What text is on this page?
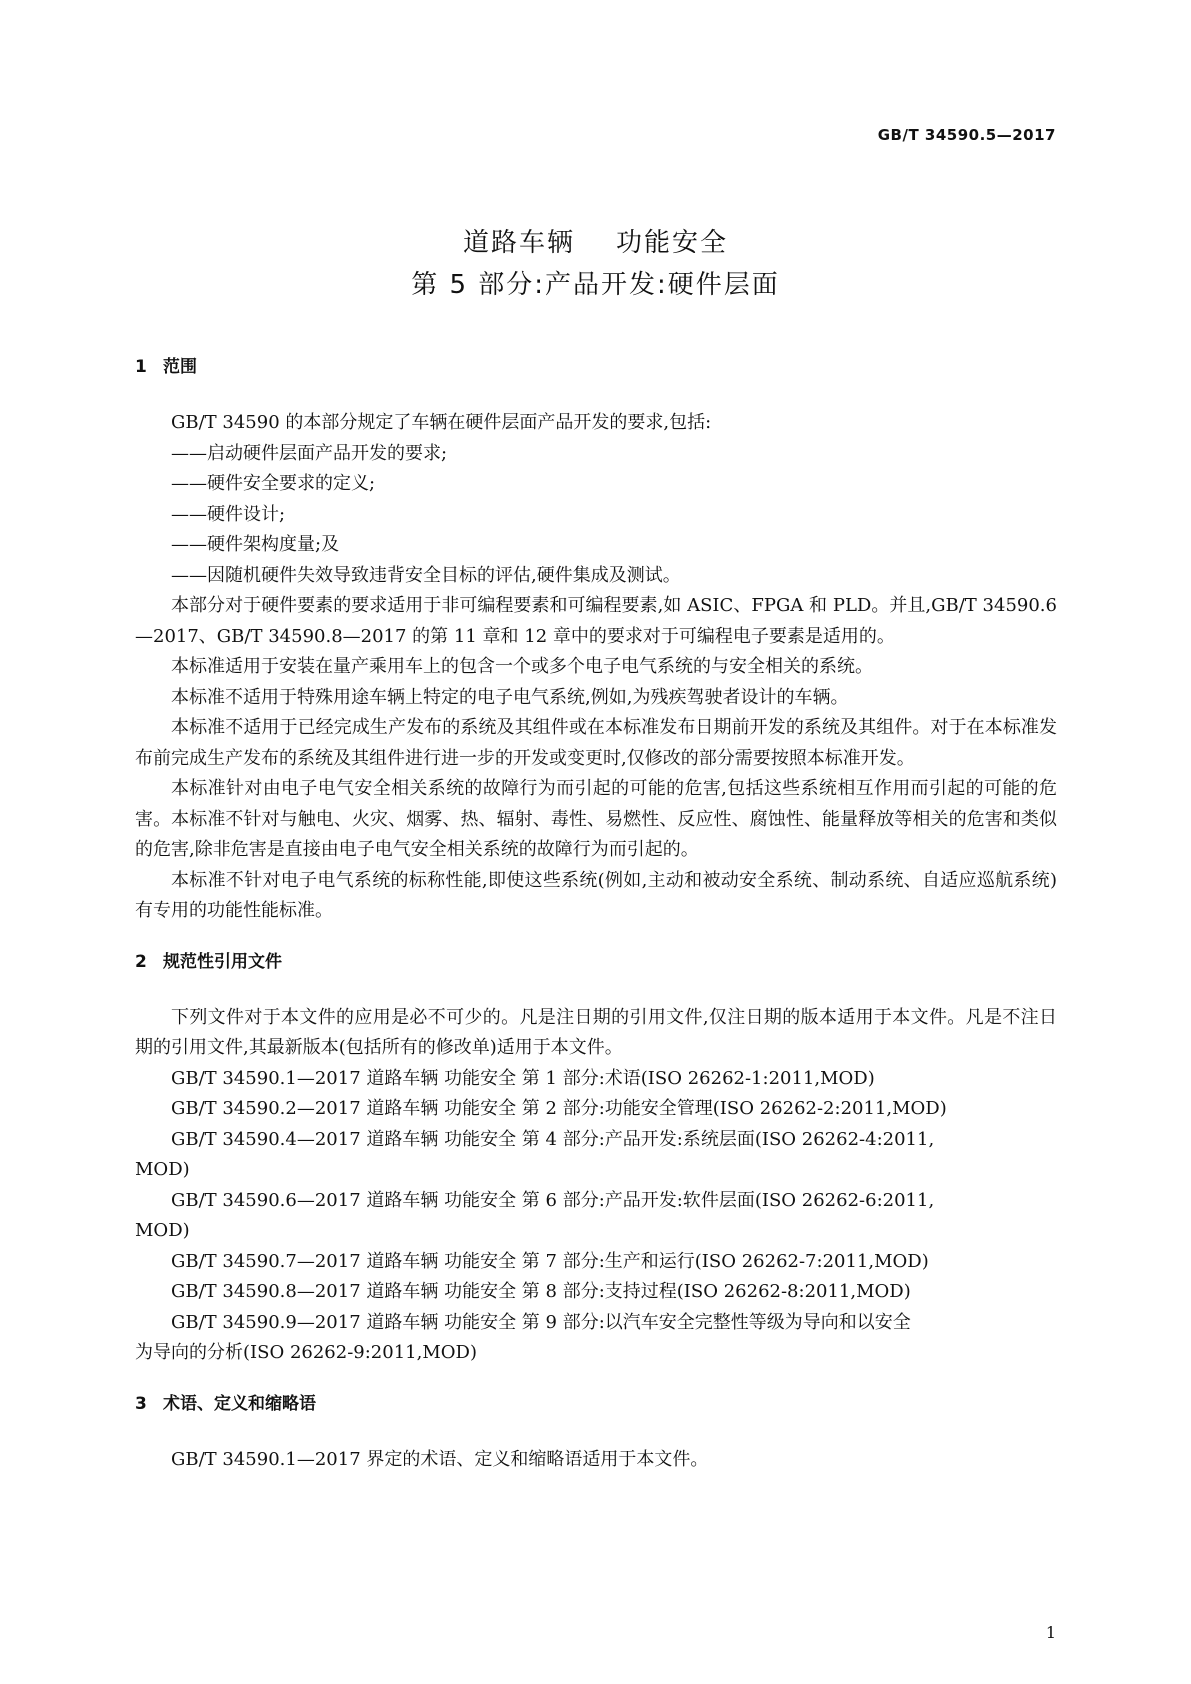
GB/T 34590.5—2017
道路车辆    功能安全
第 5 部分:产品开发:硬件层面
1 范围

GB/T 34590 的本部分规定了车辆在硬件层面产品开发的要求,包括:

——启动硬件层面产品开发的要求;

——硬件安全要求的定义;

——硬件设计;

——硬件架构度量;及

——因随机硬件失效导致违背安全目标的评估,硬件集成及测试。

本部分对于硬件要素的要求适用于非可编程要素和可编程要素,如 ASIC、FPGA 和 PLD。并且,GB/T 34590.6—2017、GB/T 34590.8—2017 的第 11 章和 12 章中的要求对于可编程电子要素是适用的。

本标准适用于安装在量产乘用车上的包含一个或多个电子电气系统的与安全相关的系统。

本标准不适用于特殊用途车辆上特定的电子电气系统,例如,为残疾驾驶者设计的车辆。

本标准不适用于已经完成生产发布的系统及其组件或在本标准发布日期前开发的系统及其组件。对于在本标准发布前完成生产发布的系统及其组件进行进一步的开发或变更时,仅修改的部分需要按照本标准开发。

本标准针对由电子电气安全相关系统的故障行为而引起的可能的危害,包括这些系统相互作用而引起的可能的危害。本标准不针对与触电、火灾、烟雾、热、辐射、毒性、易燃性、反应性、腐蚀性、能量释放等相关的危害和类似的危害,除非危害是直接由电子电气安全相关系统的故障行为而引起的。

本标准不针对电子电气系统的标称性能,即使这些系统(例如,主动和被动安全系统、制动系统、自适应巡航系统)有专用的功能性能标准。

2 规范性引用文件

下列文件对于本文件的应用是必不可少的。凡是注日期的引用文件,仅注日期的版本适用于本文件。凡是不注日期的引用文件,其最新版本(包括所有的修改单)适用于本文件。

GB/T 34590.1—2017 道路车辆 功能安全 第 1 部分:术语(ISO 26262-1:2011,MOD)

GB/T 34590.2—2017 道路车辆 功能安全 第 2 部分:功能安全管理(ISO 26262-2:2011,MOD)

GB/T 34590.4—2017 道路车辆 功能安全 第 4 部分:产品开发:系统层面(ISO 26262-4:2011,

MOD)

GB/T 34590.6—2017 道路车辆 功能安全 第 6 部分:产品开发:软件层面(ISO 26262-6:2011,

MOD)

GB/T 34590.7—2017 道路车辆 功能安全 第 7 部分:生产和运行(ISO 26262-7:2011,MOD)

GB/T 34590.8—2017 道路车辆 功能安全 第 8 部分:支持过程(ISO 26262-8:2011,MOD)

GB/T 34590.9—2017 道路车辆 功能安全 第 9 部分:以汽车安全完整性等级为导向和以安全

为导向的分析(ISO 26262-9:2011,MOD)

3 术语、定义和缩略语

GB/T 34590.1—2017 界定的术语、定义和缩略语适用于本文件。

1
